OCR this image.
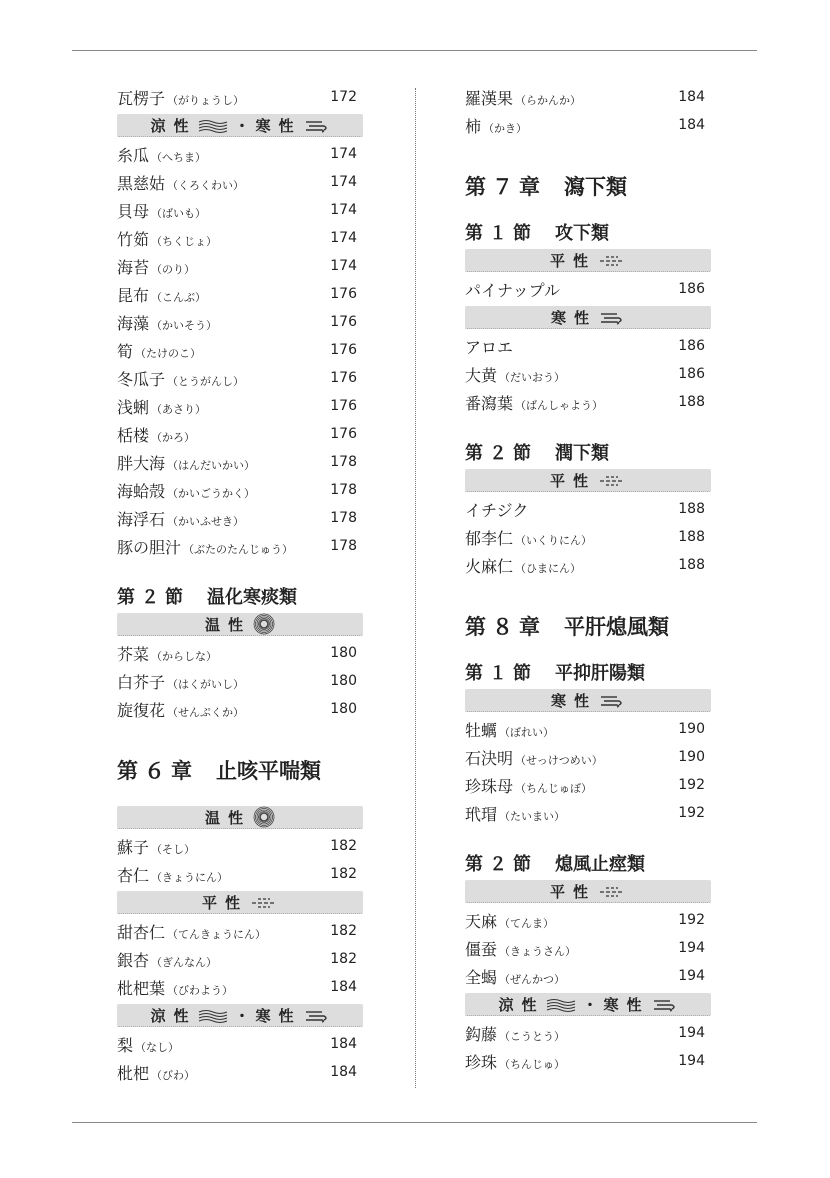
瓦楞子 （がりょうし）	172
涼性	・ 寒性
糸瓜 （へちま）	174
黒慈姑 （くろくわい）	174
貝母 （ばいも）	174
竹筎 （ちくじょ）	174
海苔 （のり）	174
昆布 （こんぶ）	176
海藻 （かいそう）	176
筍 （たけのこ）	176
冬瓜子 （とうがんし）	176
浅蜊 （あさり）	176
栝楼 （かろ）	176
胖大海 （はんだいかい）	178
海蛤殻 （かいごうかく）	178
海浮石 （かいふせき）	178
豚の胆汁 （ぶたのたんじゅう）	178
第２節 温化寒痰類
温性
芥菜 （からしな）	180
白芥子 （はくがいし）	180
旋復花 （せんぷくか）	180
第６章 止咳平喘類
温性
蘇子 （そし）	182
杏仁 （きょうにん）	182
平性
甜杏仁 （てんきょうにん）	182
銀杏 （ぎんなん）	182
枇杷葉 （びわよう）	184
涼性	・ 寒性
梨 （なし）	184
枇杷 （びわ）	184
羅漢果 （らかんか）	184
柿 （かき）	184
第７章 瀉下類
第１節 攻下類
平性
パイナップル	186
寒性
アロエ	186
大黄 （だいおう）	186
番瀉葉 （ばんしゃよう）	188
第２節 潤下類
平性
イチジク	188
郁李仁 （いくりにん）	188
火麻仁 （ひまにん）	188
第８章 平肝熄風類
第１節 平抑肝陽類
寒性
牡蠣 （ぼれい）	190
石決明 （せっけつめい）	190
珍珠母 （ちんじゅぼ）	192
玳瑁 （たいまい）	192
第２節 熄風止痙類
平性
天麻 （てんま）	192
僵蚕 （きょうさん）	194
全蝎 （ぜんかつ）	194
涼性	・ 寒性
鈎藤 （こうとう）	194
珍珠 （ちんじゅ）	194
